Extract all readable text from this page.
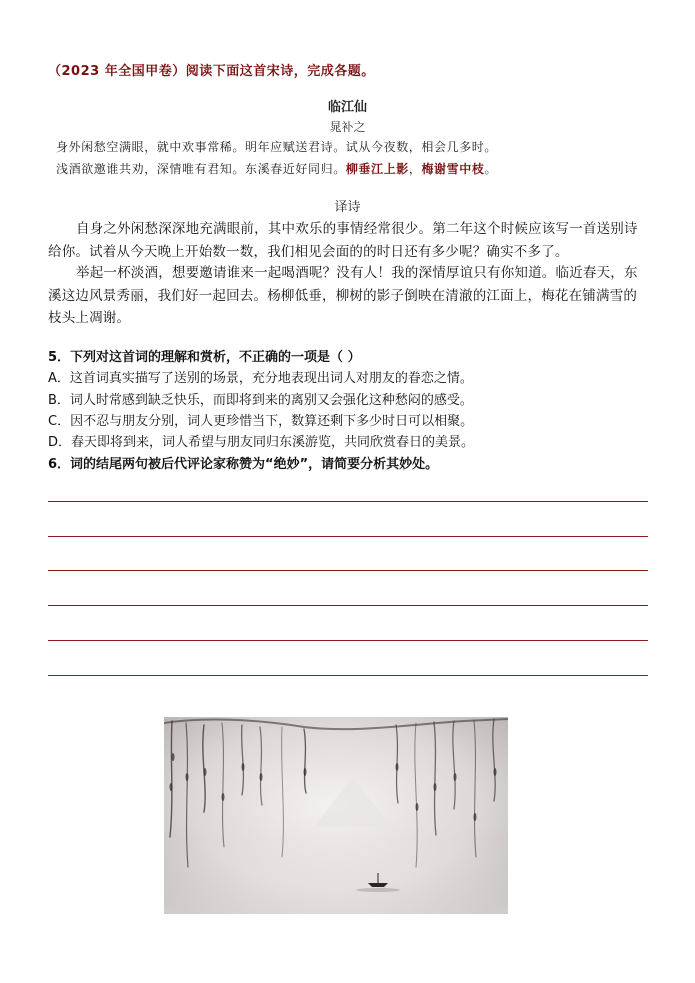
（2023 年全国甲卷）阅读下面这首宋诗，完成各题。
临江仙
晁补之
身外闲愁空满眼，就中欢事常稀。明年应赋送君诗。试从今夜数，相会几多时。
浅酒欲邀谁共劝，深情唯有君知。东溪春近好同归。柳垂江上影，梅谢雪中枝。
译诗
自身之外闲愁深深地充满眼前，其中欢乐的事情经常很少。第二年这个时候应该写一首送别诗给你。试着从今天晚上开始数一数，我们相见会面的的时日还有多少呢？确实不多了。
举起一杯淡酒，想要邀请谁来一起喝酒呢？没有人！我的深情厚谊只有你知道。临近春天，东溪这边风景秀丽，我们好一起回去。杨柳低垂，柳树的影子倒映在清澈的江面上，梅花在铺满雪的枝头上凋谢。
5．下列对这首词的理解和赏析，不正确的一项是（ ）
A．这首词真实描写了送别的场景，充分地表现出词人对朋友的眷恋之情。
B．词人时常感到缺乏快乐，而即将到来的离别又会强化这种愁闷的感受。
C．因不忍与朋友分别，词人更珍惜当下，数算还剩下多少时日可以相聚。
D．春天即将到来，词人希望与朋友同归东溪游览，共同欣赏春日的美景。
6．词的结尾两句被后代评论家称赞为“绝妙”，请简要分析其妙处。
